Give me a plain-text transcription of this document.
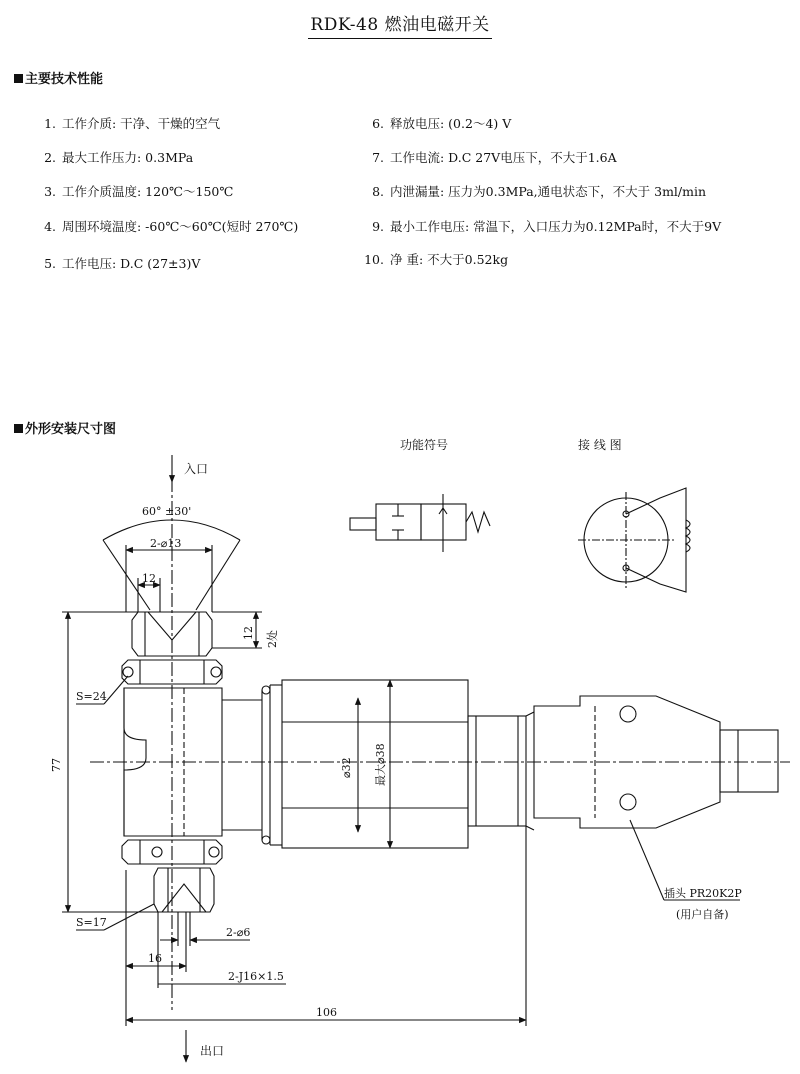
RDK-48 燃油电磁开关
主要技术性能
1. 工作介质: 干净、干燥的空气
2. 最大工作压力: 0.3MPa
3. 工作介质温度: 120℃～150℃
4. 周围环境温度: -60℃～60℃(短时 270℃)
5. 工作电压: D.C (27±3)V
6. 释放电压: (0.2～4) V
7. 工作电流: D.C 27V电压下，不大于1.6A
8. 内泄漏量: 压力为0.3MPa,通电状态下，不大于 3ml/min
9. 最小工作电压: 常温下，入口压力为0.12MPa时，不大于9V
10. 净 重: 不大于0.52kg
外形安装尺寸图
功能符号	接 线 图
入口
出口
60° ±30'
2-⌀13
12
12 2处
S=24
77	⌀32 最大⌀38
S=17
2-⌀6
16
2-J16×1.5
106
插头 PR20K2P
(用户自备)
